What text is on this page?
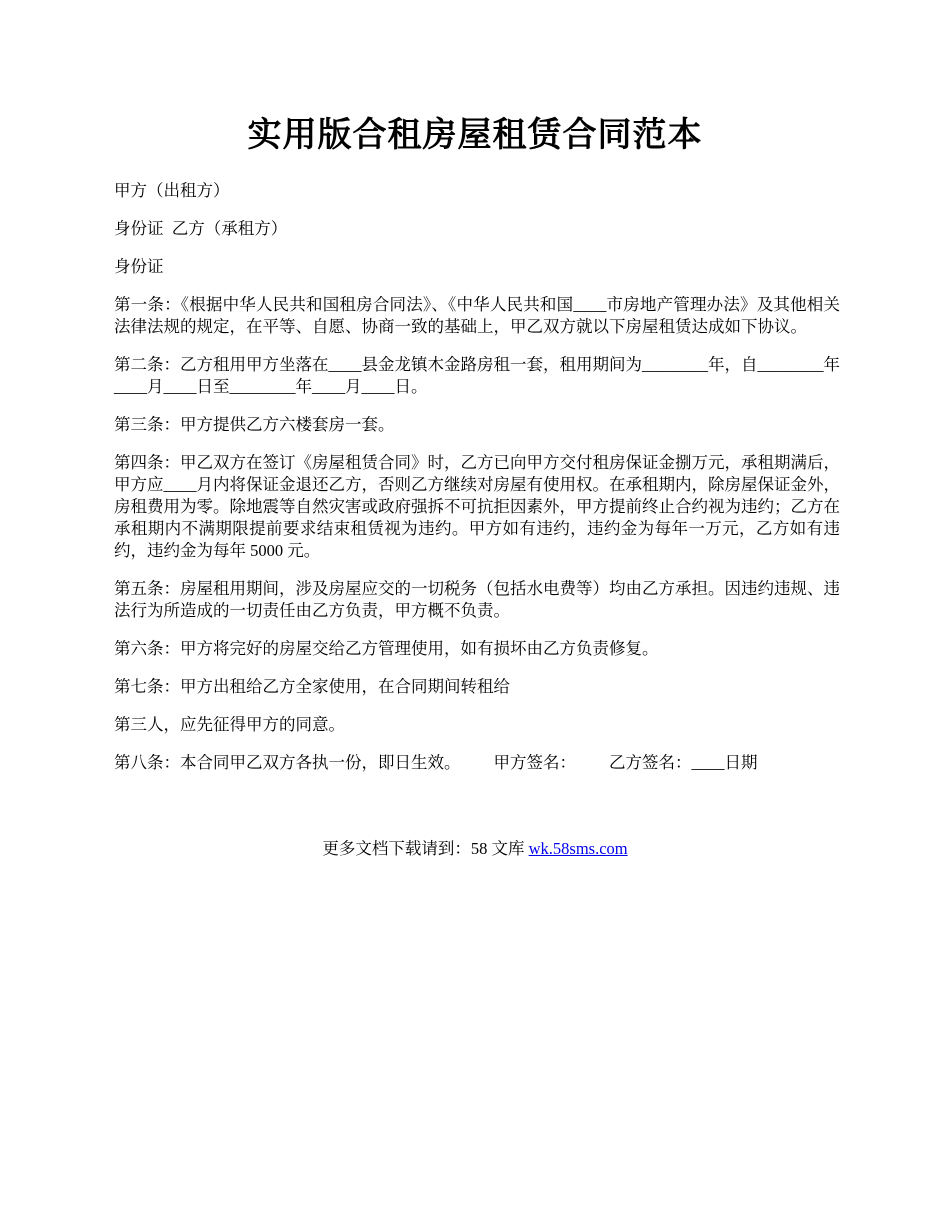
实用版合租房屋租赁合同范本

甲方（出租方）

身份证  乙方（承租方）

身份证

第一条：《根据中华人民共和国租房合同法》、《中华人民共和国____市房地产管理办法》及其他相关法律法规的规定，在平等、自愿、协商一致的基础上，甲乙双方就以下房屋租赁达成如下协议。

第二条：乙方租用甲方坐落在____县金龙镇木金路房租一套，租用期间为________年，自________年____月____日至________年____月____日。

第三条：甲方提供乙方六楼套房一套。

第四条：甲乙双方在签订《房屋租赁合同》时，乙方已向甲方交付租房保证金捌万元，承租期满后，甲方应____月内将保证金退还乙方，否则乙方继续对房屋有使用权。在承租期内，除房屋保证金外，房租费用为零。除地震等自然灾害或政府强拆不可抗拒因素外，甲方提前终止合约视为违约；乙方在承租期内不满期限提前要求结束租赁视为违约。甲方如有违约，违约金为每年一万元，乙方如有违约，违约金为每年 5000 元。

第五条：房屋租用期间，涉及房屋应交的一切税务（包括水电费等）均由乙方承担。因违约违规、违法行为所造成的一切责任由乙方负责，甲方概不负责。

第六条：甲方将完好的房屋交给乙方管理使用，如有损坏由乙方负责修复。

第七条：甲方出租给乙方全家使用，在合同期间转租给

第三人，应先征得甲方的同意。

第八条：本合同甲乙双方各执一份，即日生效。        甲方签名：        乙方签名：____日期

更多文档下载请到：58 文库 wk.58sms.com
